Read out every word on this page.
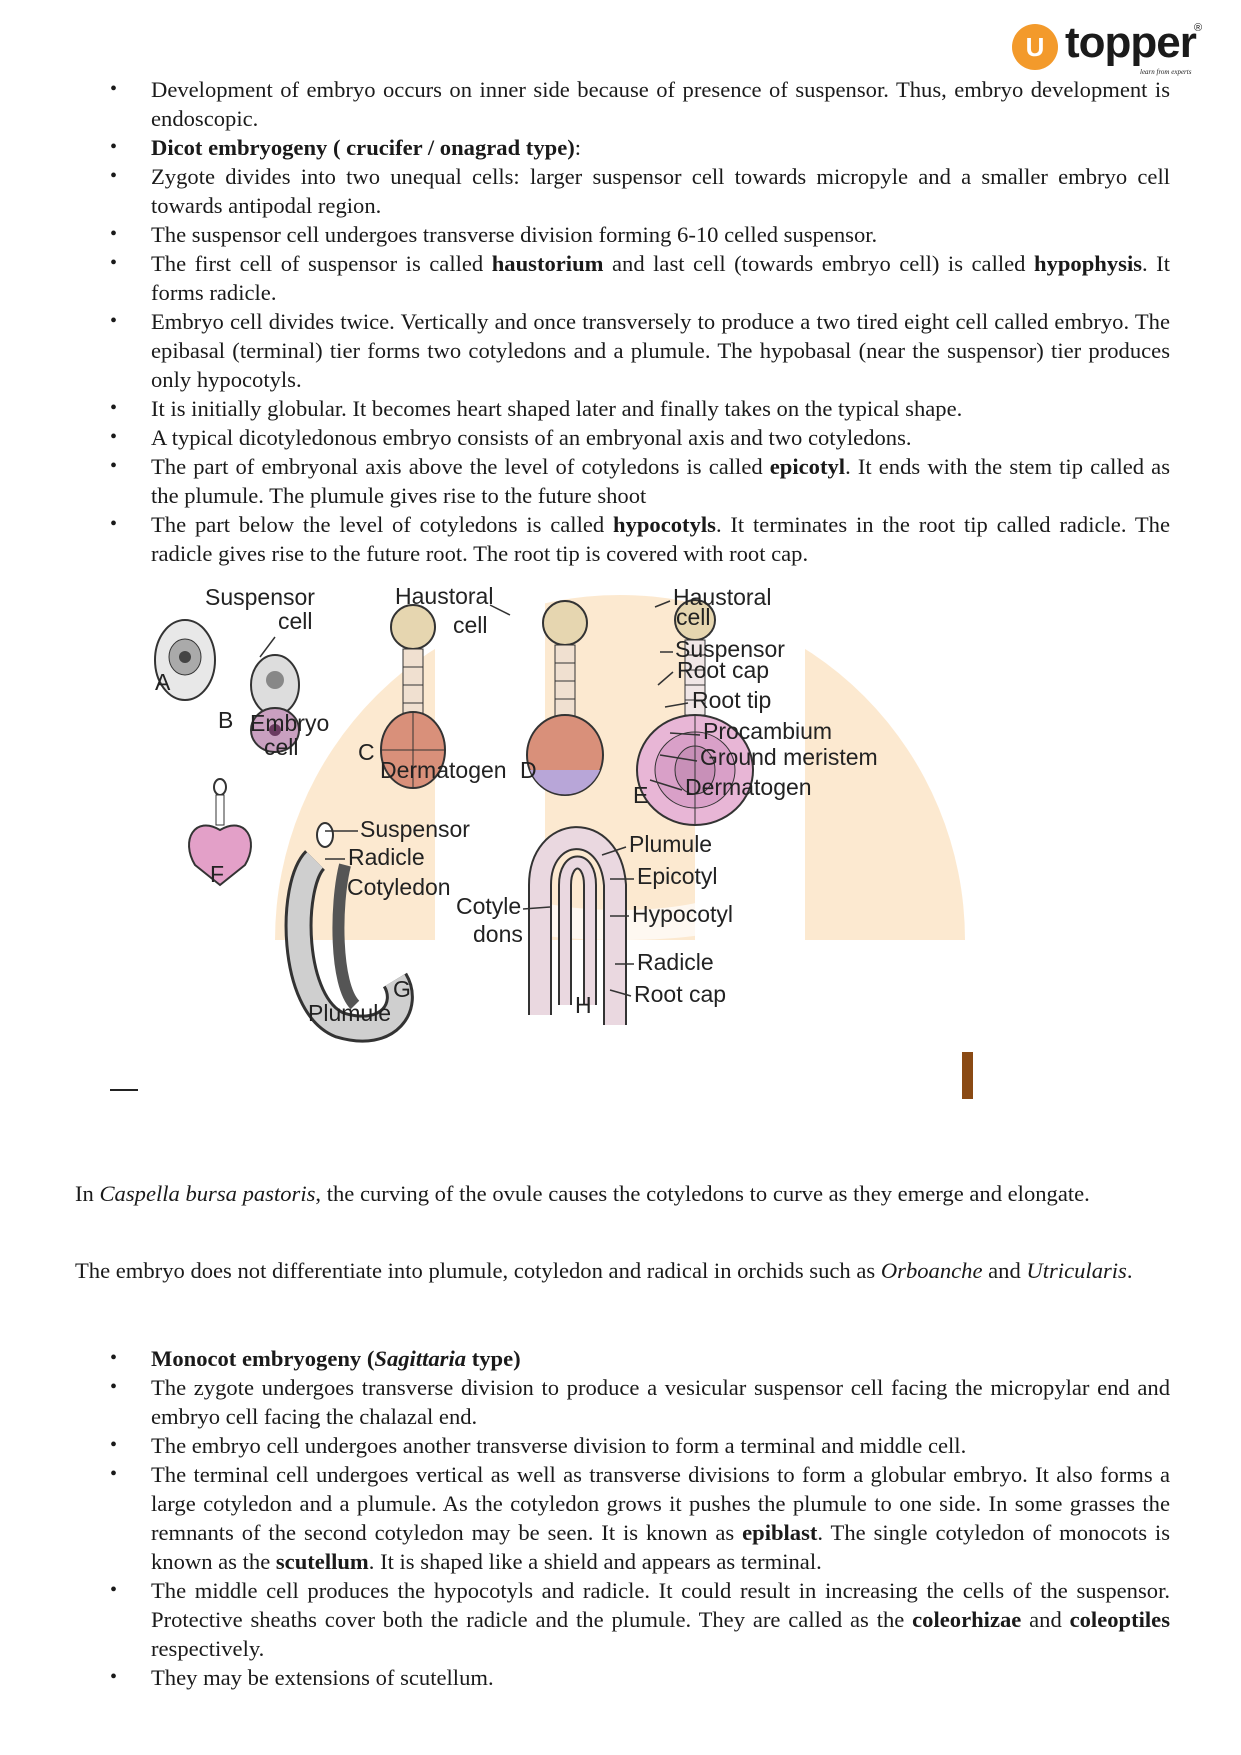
U topper
®
learn from experts
• Development of embryo occurs on inner side because of presence of suspensor. Thus, embryo development is endoscopic.
• Dicot embryogeny ( crucifer / onagrad type):
• Zygote divides into two unequal cells: larger suspensor cell towards micropyle and a smaller embryo cell towards antipodal region.
• The suspensor cell undergoes transverse division forming 6-10 celled suspensor.
• The first cell of suspensor is called haustorium and last cell (towards embryo cell) is called hypophysis. It forms radicle.
• Embryo cell divides twice. Vertically and once transversely to produce a two tired eight cell called embryo. The epibasal (terminal) tier forms two cotyledons and a plumule. The hypobasal (near the suspensor) tier produces only hypocotyls.
• It is initially globular. It becomes heart shaped later and finally takes on the typical shape.
• A typical dicotyledonous embryo consists of an embryonal axis and two cotyledons.
• The part of embryonal axis above the level of cotyledons is called epicotyl. It ends with the stem tip called as the plumule. The plumule gives rise to the future shoot
• The part below the level of cotyledons is called hypocotyls. It terminates in the root tip called radicle. The radicle gives rise to the future root. The root tip is covered with root cap.
A
Suspensor
cell
B Embryo
cell
Haustoral
cell
C
Dermatogen D
Haustoral
cell
Suspensor
Root cap
Root tip
Procambium
Ground meristem
Dermatogen
E
F
Suspensor
Radicle
Cotyledon
G
Plumule
Cotyle
dons
Plumule
Epicotyl
Hypocotyl
Radicle
Root cap
H

In Caspella bursa pastoris, the curving of the ovule causes the cotyledons to curve as they emerge and elongate.

The embryo does not differentiate into plumule, cotyledon and radical in orchids such as Orboanche and Utricularis.

• Monocot embryogeny (Sagittaria type)
• The zygote undergoes transverse division to produce a vesicular suspensor cell facing the micropylar end and embryo cell facing the chalazal end.
• The embryo cell undergoes another transverse division to form a terminal and middle cell.
• The terminal cell undergoes vertical as well as transverse divisions to form a globular embryo. It also forms a large cotyledon and a plumule. As the cotyledon grows it pushes the plumule to one side. In some grasses the remnants of the second cotyledon may be seen. It is known as epiblast. The single cotyledon of monocots is known as the scutellum. It is shaped like a shield and appears as terminal.
• The middle cell produces the hypocotyls and radicle. It could result in increasing the cells of the suspensor. Protective sheaths cover both the radicle and the plumule. They are called as the coleorhizae and coleoptiles respectively.
• They may be extensions of scutellum.
